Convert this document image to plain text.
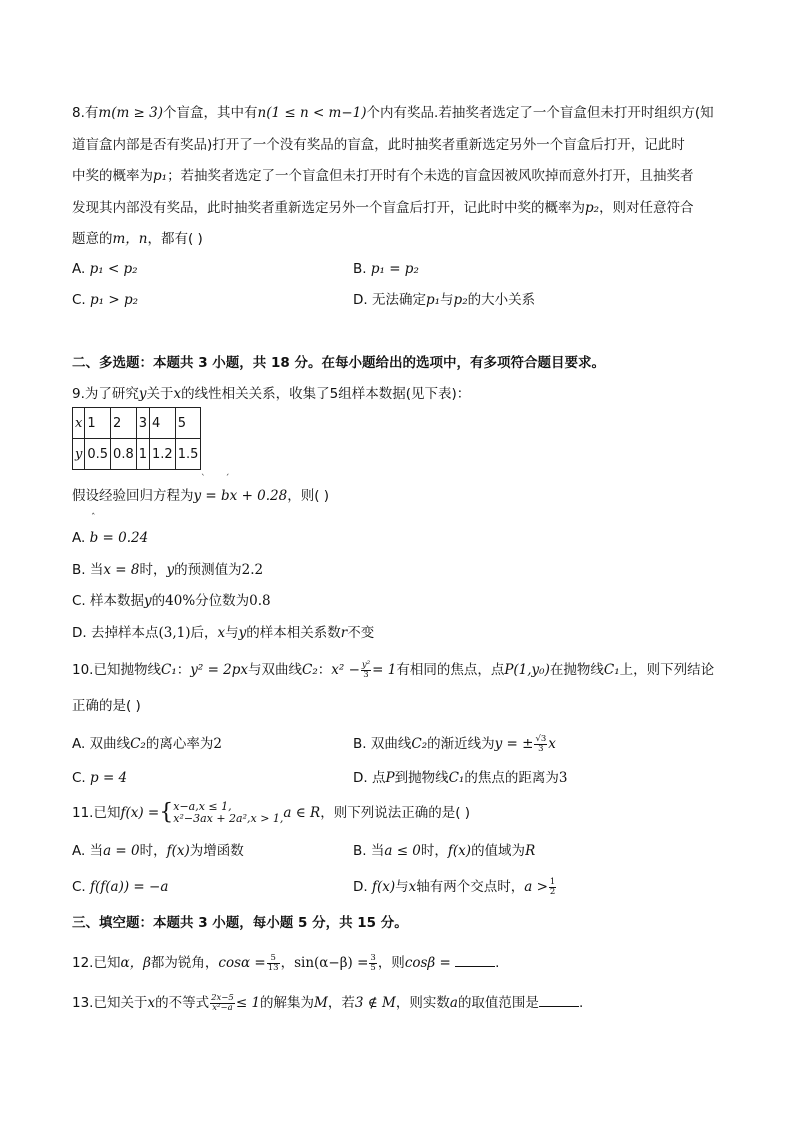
8.有m(m ≥ 3)个盲盒，其中有n(1 ≤ n < m−1)个内有奖品.若抽奖者选定了一个盲盒但未打开时组织方(知
道盲盒内部是否有奖品)打开了一个没有奖品的盲盒，此时抽奖者重新选定另外一个盲盒后打开，记此时
中奖的概率为p₁；若抽奖者选定了一个盲盒但未打开时有个未选的盲盒因被风吹掉而意外打开，且抽奖者
发现其内部没有奖品，此时抽奖者重新选定另外一个盲盒后打开，记此时中奖的概率为p₂，则对任意符合
题意的m，n，都有( )
A. p₁ < p₂	B. p₁ = p₂
C. p₁ > p₂	D. 无法确定p₁与p₂的大小关系
二、多选题：本题共 3 小题，共 18 分。在每小题给出的选项中，有多项符合题目要求。
9.为了研究y关于x的线性相关关系，收集了5组样本数据(见下表)：
x	1	2	3	4	5
y	0.5	0.8	1	1.2	1.5
ˋ ˊ
假设经验回归方程为y = bx + 0.28，则( )
ˆ
A. b = 0.24
B. 当x = 8时，y的预测值为2.2
C. 样本数据y的40%分位数为0.8
D. 去掉样本点(3,1)后，x与y的样本相关系数r不变
10.已知抛物线C₁：y² = 2px与双曲线C₂：$x^2 - \frac{\text{y²}}{3} = 1$有相同的焦点，点P(1,y₀)在抛物线C₁上，则下列结论
正确的是( )
A. 双曲线C₂的离心率为2	B. 双曲线C₂的渐近线为y = ± $\frac{√3}{3}$ x
C. p = 4	D. 点P到抛物线C₁的焦点的距离为3
11.已知f(x) ={ x−a,x ≤ 1,
x²−3ax + 2a²,x > 1, a ∈ R，则下列说法正确的是( )
A. 当a = 0时，f(x)为增函数	B. 当a ≤ 0时，f(x)的值域为R
C. f(f(a)) = −a	D. f(x)与x轴有两个交点时，$a > \frac{1}{2}$
三、填空题：本题共 3 小题，每小题 5 分，共 15 分。
12.已知α，β都为锐角，$\cos\alpha = \frac{5}{13}$ ，$\sin(\alpha-\beta) = \frac{3}{5}$ ，则cosβ =	.
13.已知关于x的不等式 $\frac{2x-5}{\text{x²−a}} \le 1$的解集为M，若3 ∉ M，则实数a的取值范围是	.
